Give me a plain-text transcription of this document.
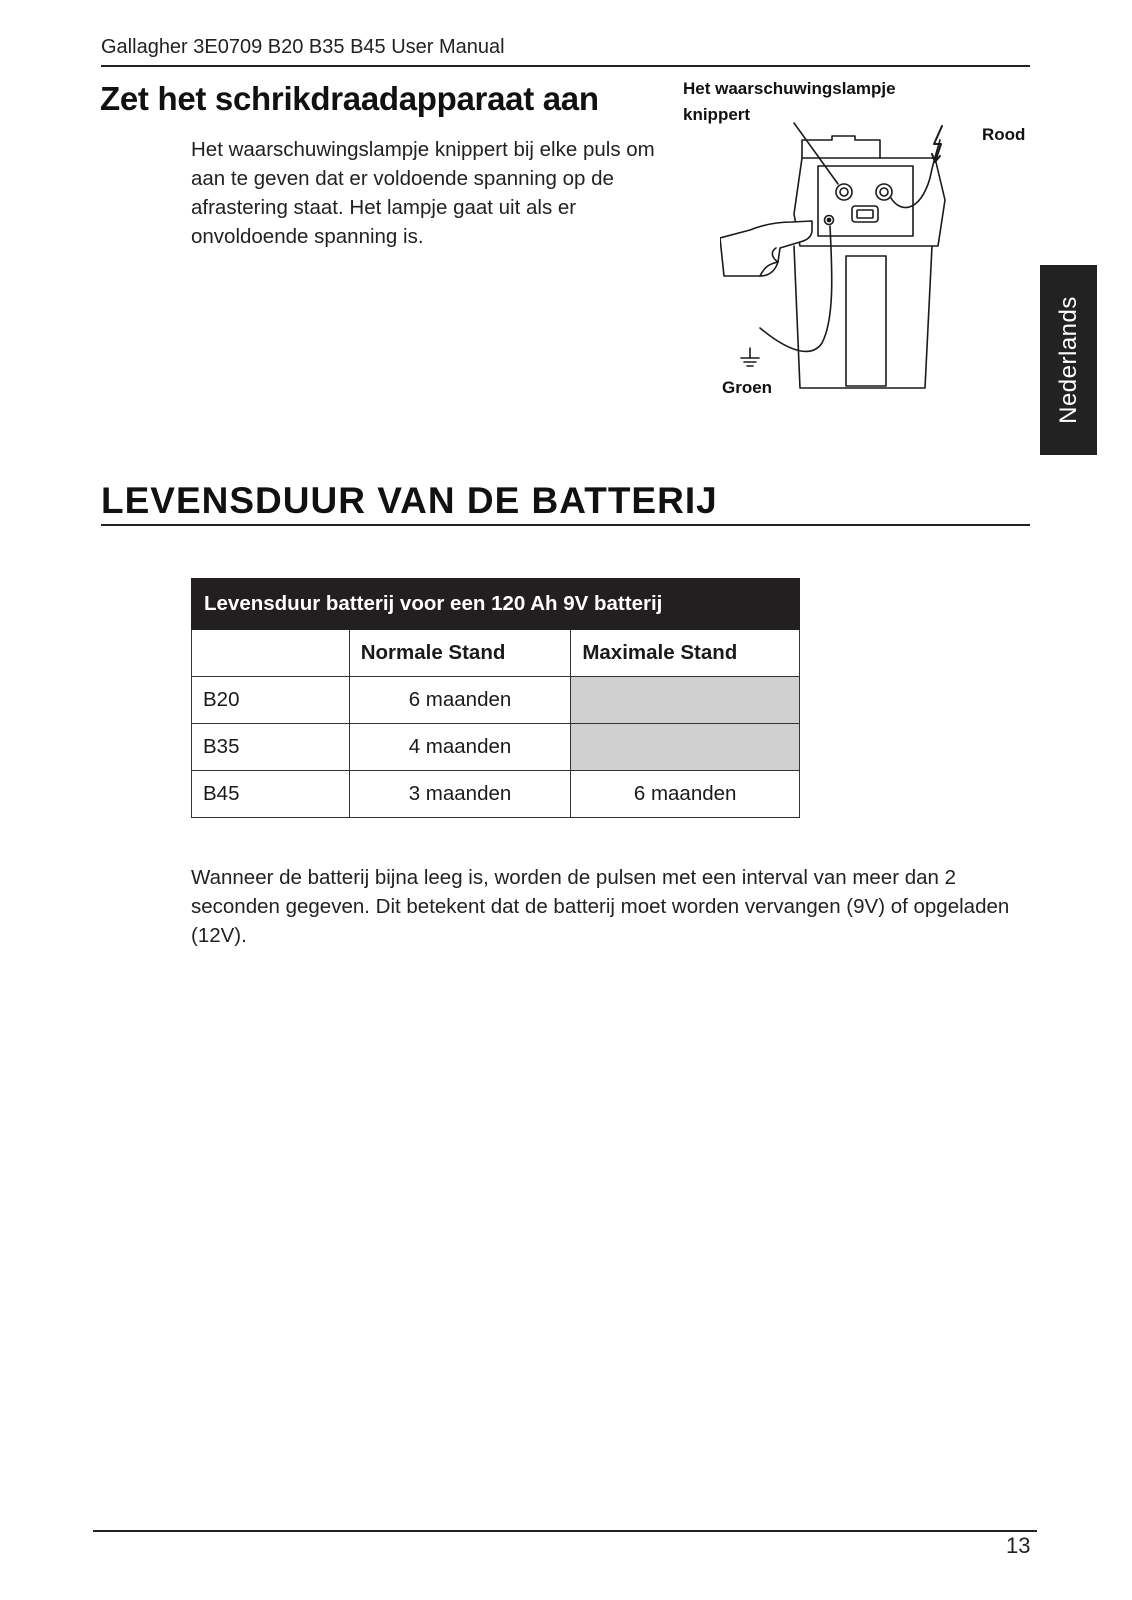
Gallagher 3E0709 B20 B35 B45 User Manual
Zet het schrikdraadapparaat aan

Het waarschuwingslampje knippert bij elke puls om aan te geven dat er voldoende spanning op de afrastering staat. Het lampje gaat uit als er onvoldoende spanning is.

Het waarschuwingslampje knippert

Rood
Groen	Nederlands
LEVENSDUUR VAN DE BATTERIJ
Levensduur batterij voor een 120 Ah 9V batterij		
	Normale Stand	Maximale Stand
B20	6 maanden	
B35	4 maanden	
B45	3 maanden	6 maanden

Wanneer de batterij bijna leeg is, worden de pulsen met een interval van meer dan 2 seconden gegeven. Dit betekent dat de batterij moet worden vervangen (9V) of opgeladen (12V).

13
